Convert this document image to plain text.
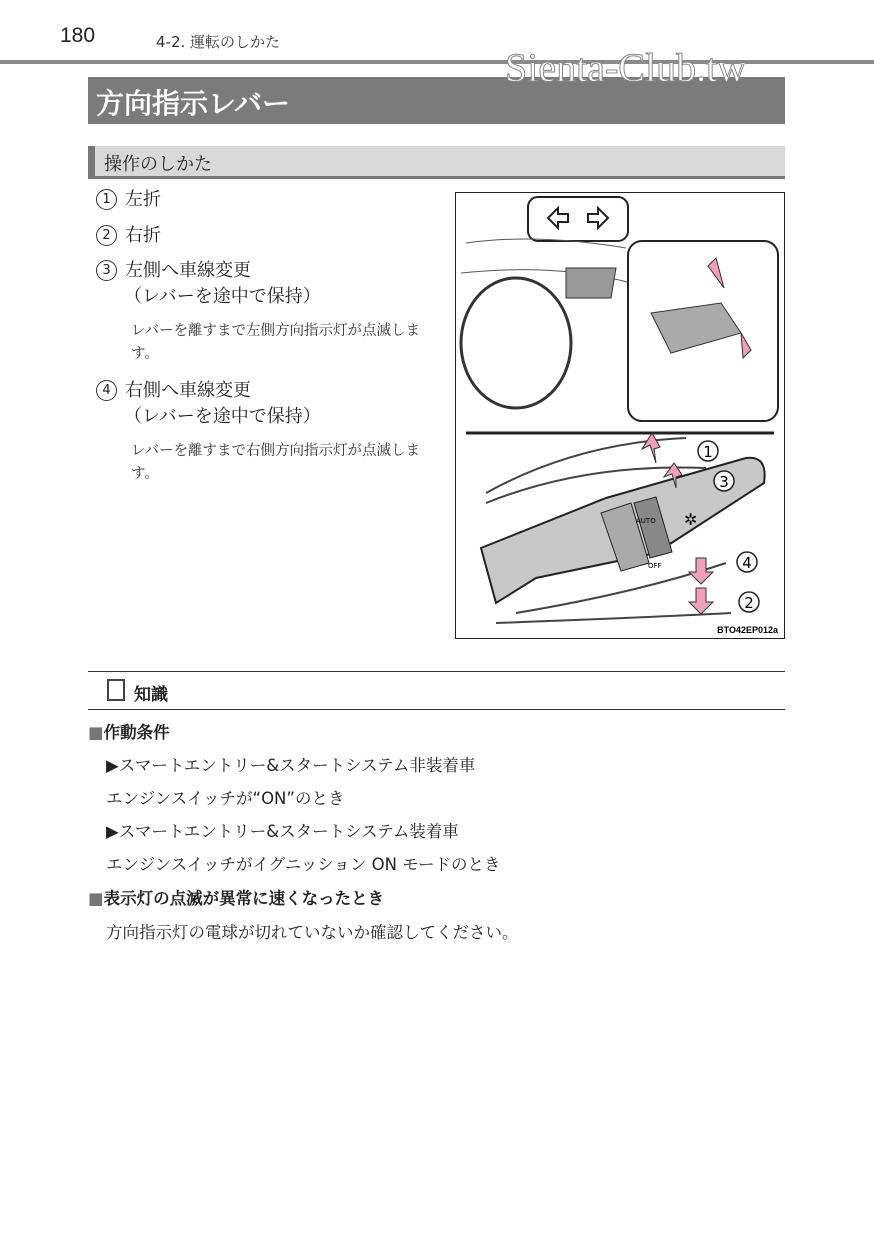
180	4-2. 運転のしかた
方向指示レバー
Sienta-Club.tw
操作のしかた
1 左折
2 右折
3 左側へ車線変更
（レバーを途中で保持）
レバーを離すまで左側方向指示灯が点滅します。
4 右側へ車線変更
（レバーを途中で保持）
レバーを離すまで右側方向指示灯が点滅します。
AUTO
OFF
✲
1
3
4
2
BTO42EP012a
知識
■作動条件
▶スマートエントリー&スタートシステム非装着車
エンジンスイッチが“ON”のとき
▶スマートエントリー&スタートシステム装着車
エンジンスイッチがイグニッション ON モードのとき
■表示灯の点滅が異常に速くなったとき
方向指示灯の電球が切れていないか確認してください。
